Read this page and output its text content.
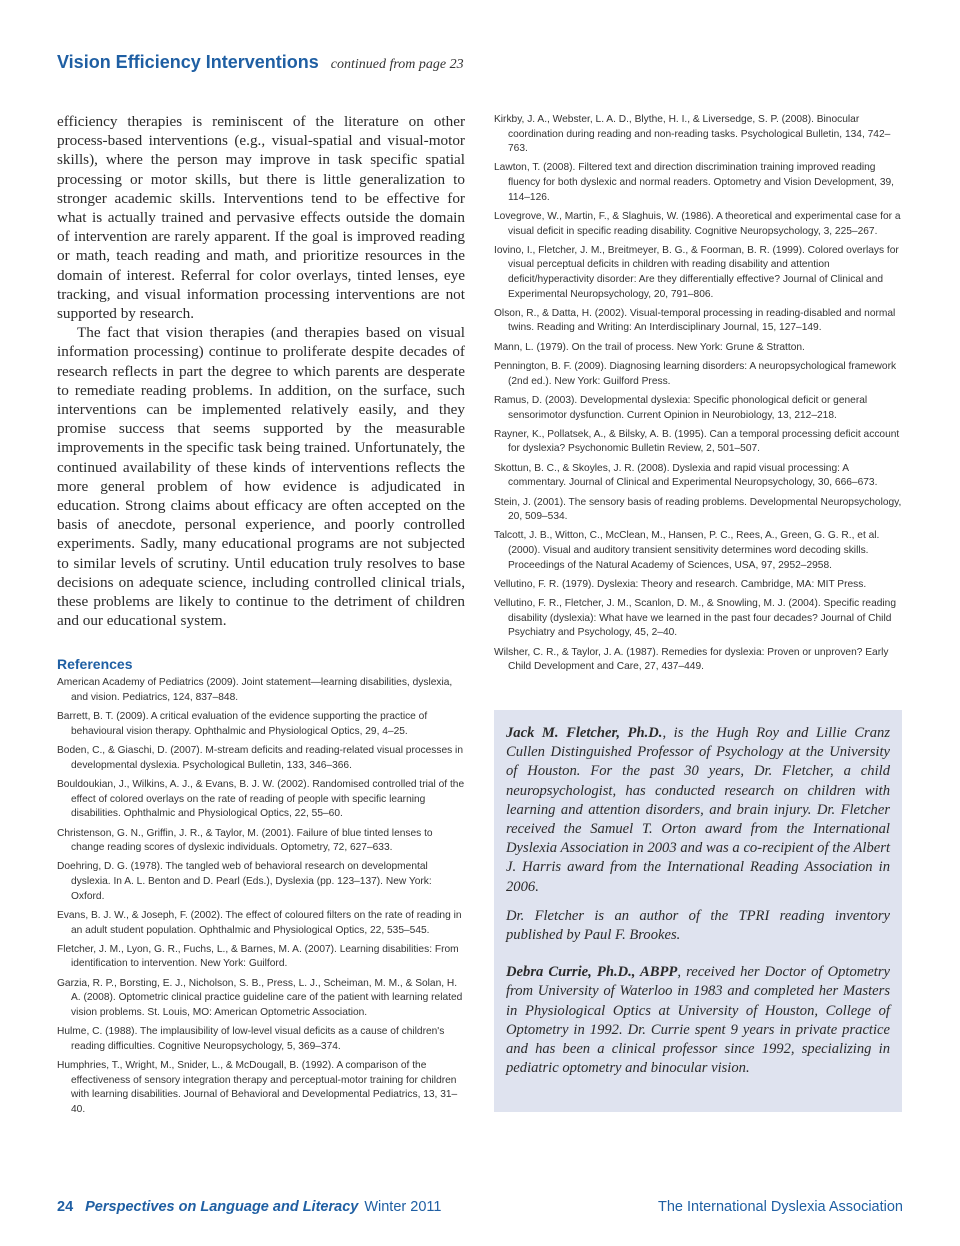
Vision Efficiency Interventions continued from page 23

efficiency therapies is reminiscent of the literature on other process-based interventions (e.g., visual-spatial and visual-motor skills), where the person may improve in task specific spatial processing or motor skills, but there is little generalization to stronger academic skills. Interventions tend to be effective for what is actually trained and pervasive effects outside the domain of intervention are rarely apparent. If the goal is improved reading or math, teach reading and math, and prioritize resources in the domain of interest. Referral for color overlays, tinted lenses, eye tracking, and visual information processing interventions are not supported by research.

The fact that vision therapies (and therapies based on visual information processing) continue to proliferate despite decades of research reflects in part the degree to which parents are desperate to remediate reading problems. In addition, on the surface, such interventions can be implemented relatively easily, and they promise success that seems supported by the measurable improvements in the specific task being trained. Unfortunately, the continued availability of these kinds of interventions reflects the more general problem of how evidence is adjudicated in education. Strong claims about efficacy are often accepted on the basis of anecdote, personal experience, and poorly controlled experiments. Sadly, many educational programs are not subjected to similar levels of scrutiny. Until education truly resolves to base decisions on adequate science, including controlled clinical trials, these problems are likely to continue to the detriment of children and our educational system.

References
American Academy of Pediatrics (2009). Joint statement—learning disabilities, dyslexia, and vision. Pediatrics, 124, 837–848.
Barrett, B. T. (2009). A critical evaluation of the evidence supporting the practice of behavioural vision therapy. Ophthalmic and Physiological Optics, 29, 4–25.
Boden, C., & Giaschi, D. (2007). M-stream deficits and reading-related visual processes in developmental dyslexia. Psychological Bulletin, 133, 346–366.
Bouldoukian, J., Wilkins, A. J., & Evans, B. J. W. (2002). Randomised controlled trial of the effect of colored overlays on the rate of reading of people with specific learning disabilities. Ophthalmic and Physiological Optics, 22, 55–60.
Christenson, G. N., Griffin, J. R., & Taylor, M. (2001). Failure of blue tinted lenses to change reading scores of dyslexic individuals. Optometry, 72, 627–633.
Doehring, D. G. (1978). The tangled web of behavioral research on developmental dyslexia. In A. L. Benton and D. Pearl (Eds.), Dyslexia (pp. 123–137). New York: Oxford.
Evans, B. J. W., & Joseph, F. (2002). The effect of coloured filters on the rate of reading in an adult student population. Ophthalmic and Physiological Optics, 22, 535–545.
Fletcher, J. M., Lyon, G. R., Fuchs, L., & Barnes, M. A. (2007). Learning disabilities: From identification to intervention. New York: Guilford.
Garzia, R. P., Borsting, E. J., Nicholson, S. B., Press, L. J., Scheiman, M. M., & Solan, H. A. (2008). Optometric clinical practice guideline care of the patient with learning related vision problems. St. Louis, MO: American Optometric Association.
Hulme, C. (1988). The implausibility of low-level visual deficits as a cause of children's reading difficulties. Cognitive Neuropsychology, 5, 369–374.
Humphries, T., Wright, M., Snider, L., & McDougall, B. (1992). A comparison of the effectiveness of sensory integration therapy and perceptual-motor training for children with learning disabilities. Journal of Behavioral and Developmental Pediatrics, 13, 31–40.
Kirkby, J. A., Webster, L. A. D., Blythe, H. I., & Liversedge, S. P. (2008). Binocular coordination during reading and non-reading tasks. Psychological Bulletin, 134, 742–763.
Lawton, T. (2008). Filtered text and direction discrimination training improved reading fluency for both dyslexic and normal readers. Optometry and Vision Development, 39, 114–126.
Lovegrove, W., Martin, F., & Slaghuis, W. (1986). A theoretical and experimental case for a visual deficit in specific reading disability. Cognitive Neuropsychology, 3, 225–267.
Iovino, I., Fletcher, J. M., Breitmeyer, B. G., & Foorman, B. R. (1999). Colored overlays for visual perceptual deficits in children with reading disability and attention deficit/hyperactivity disorder: Are they differentially effective? Journal of Clinical and Experimental Neuropsychology, 20, 791–806.
Olson, R., & Datta, H. (2002). Visual-temporal processing in reading-disabled and normal twins. Reading and Writing: An Interdisciplinary Journal, 15, 127–149.
Mann, L. (1979). On the trail of process. New York: Grune & Stratton.
Pennington, B. F. (2009). Diagnosing learning disorders: A neuropsychological framework (2nd ed.). New York: Guilford Press.
Ramus, D. (2003). Developmental dyslexia: Specific phonological deficit or general sensorimotor dysfunction. Current Opinion in Neurobiology, 13, 212–218.
Rayner, K., Pollatsek, A., & Bilsky, A. B. (1995). Can a temporal processing deficit account for dyslexia? Psychonomic Bulletin Review, 2, 501–507.
Skottun, B. C., & Skoyles, J. R. (2008). Dyslexia and rapid visual processing: A commentary. Journal of Clinical and Experimental Neuropsychology, 30, 666–673.
Stein, J. (2001). The sensory basis of reading problems. Developmental Neuropsychology, 20, 509–534.
Talcott, J. B., Witton, C., McClean, M., Hansen, P. C., Rees, A., Green, G. G. R., et al. (2000). Visual and auditory transient sensitivity determines word decoding skills. Proceedings of the Natural Academy of Sciences, USA, 97, 2952–2958.
Vellutino, F. R. (1979). Dyslexia: Theory and research. Cambridge, MA: MIT Press.
Vellutino, F. R., Fletcher, J. M., Scanlon, D. M., & Snowling, M. J. (2004). Specific reading disability (dyslexia): What have we learned in the past four decades? Journal of Child Psychiatry and Psychology, 45, 2–40.
Wilsher, C. R., & Taylor, J. A. (1987). Remedies for dyslexia: Proven or unproven? Early Child Development and Care, 27, 437–449.

Jack M. Fletcher, Ph.D., is the Hugh Roy and Lillie Cranz Cullen Distinguished Professor of Psychology at the University of Houston. For the past 30 years, Dr. Fletcher, a child neuropsychologist, has conducted research on children with learning and attention disorders, and brain injury. Dr. Fletcher received the Samuel T. Orton award from the International Dyslexia Association in 2003 and was a co-recipient of the Albert J. Harris award from the International Reading Association in 2006.

Dr. Fletcher is an author of the TPRI reading inventory published by Paul F. Brookes.

Debra Currie, Ph.D., ABPP, received her Doctor of Optometry from University of Waterloo in 1983 and completed her Masters in Physiological Optics at University of Houston, College of Optometry in 1992. Dr. Currie spent 9 years in private practice and has been a clinical professor since 1992, specializing in pediatric optometry and binocular vision.

24 Perspectives on Language and Literacy Winter 2011	The International Dyslexia Association
